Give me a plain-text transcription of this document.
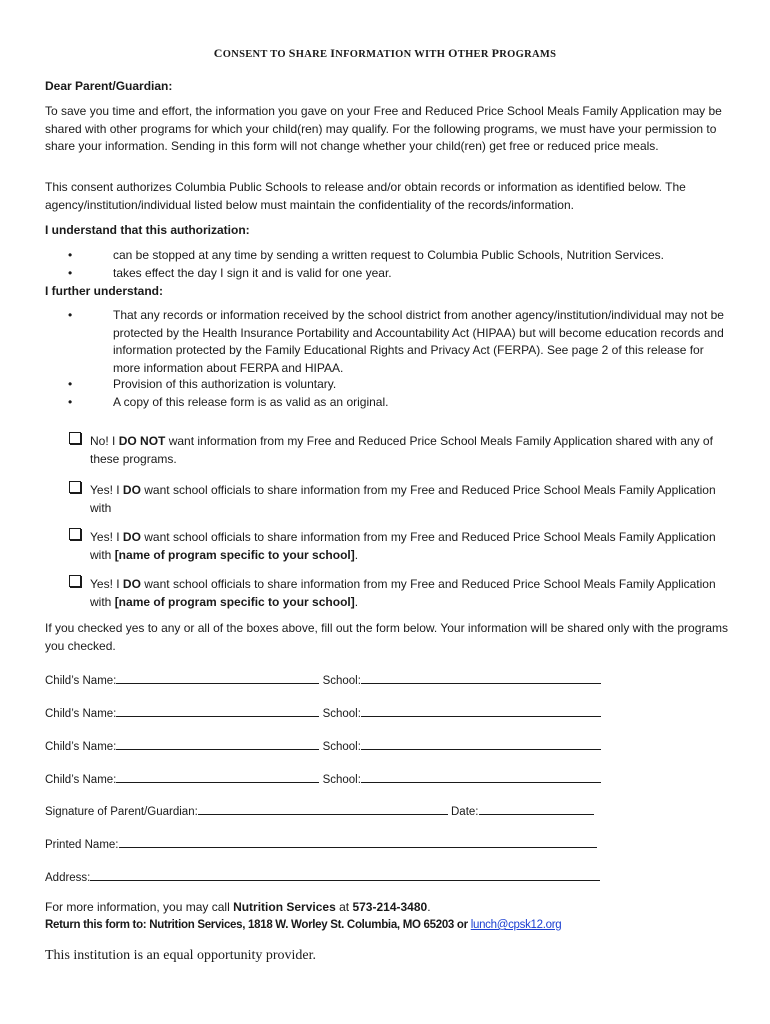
CONSENT TO SHARE INFORMATION WITH OTHER PROGRAMS
Dear Parent/Guardian:
To save you time and effort, the information you gave on your Free and Reduced Price School Meals Family Application may be shared with other programs for which your child(ren) may qualify. For the following programs, we must have your permission to share your information. Sending in this form will not change whether your child(ren) get free or reduced price meals.
This consent authorizes Columbia Public Schools to release and/or obtain records or information as identified below. The agency/institution/individual listed below must maintain the confidentiality of the records/information.
I understand that this authorization:
•	can be stopped at any time by sending a written request to Columbia Public Schools, Nutrition Services.
•	takes effect the day I sign it and is valid for one year.
I further understand:
•	That any records or information received by the school district from another agency/institution/individual may not be protected by the Health Insurance Portability and Accountability Act (HIPAA) but will become education records and information protected by the Family Educational Rights and Privacy Act (FERPA). See page 2 of this release for more information about FERPA and HIPAA.
•	Provision of this authorization is voluntary.
•	A copy of this release form is as valid as an original.
No! I DO NOT want information from my Free and Reduced Price School Meals Family Application shared with any of these programs.
Yes! I DO want school officials to share information from my Free and Reduced Price School Meals Family Application with
Yes! I DO want school officials to share information from my Free and Reduced Price School Meals Family Application with [name of program specific to your school].
Yes! I DO want school officials to share information from my Free and Reduced Price School Meals Family Application with [name of program specific to your school].
If you checked yes to any or all of the boxes above, fill out the form below. Your information will be shared only with the programs you checked.
Child’s Name:	School:
Child’s Name:	School:
Child’s Name:	School:
Child’s Name:	School:
Signature of Parent/Guardian:	Date:
Printed Name:
Address:
For more information, you may call Nutrition Services at 573-214-3480.
Return this form to: Nutrition Services, 1818 W. Worley St. Columbia, MO 65203 or lunch@cpsk12.org
This institution is an equal opportunity provider.
